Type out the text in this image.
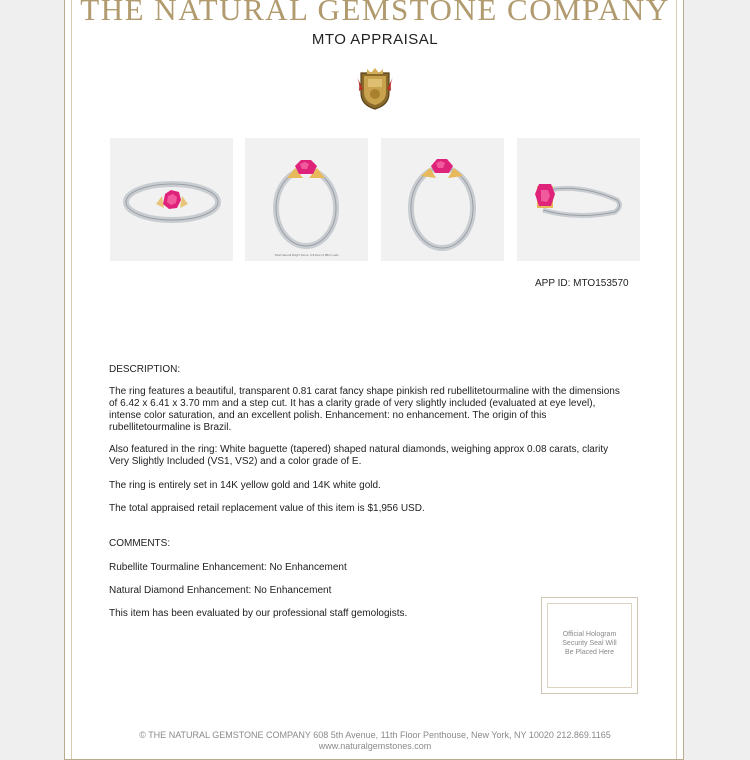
THE NATURAL GEMSTONE COMPANY
MTO APPRAISAL
Total Natural Bright Stone: 0.81ctw (0.88ct) suds
APP ID: MTO153570
DESCRIPTION:
The ring features a beautiful, transparent 0.81 carat fancy shape pinkish red rubellitetourmaline with the dimensions of 6.42 x 6.41 x 3.70 mm and a step cut. It has a clarity grade of very slightly included (evaluated at eye level), intense color saturation, and an excellent polish. Enhancement: no enhancement. The origin of this rubellitetourmaline is Brazil.
Also featured in the ring: White baguette (tapered) shaped natural diamonds, weighing approx 0.08 carats, clarity Very Slightly Included (VS1, VS2) and a color grade of E.
The ring is entirely set in 14K yellow gold and 14K white gold.
The total appraised retail replacement value of this item is $1,956 USD.
COMMENTS:
Rubellite Tourmaline Enhancement: No Enhancement
Natural Diamond Enhancement: No Enhancement
This item has been evaluated by our professional staff gemologists.
Official Hologram
Security Seal Will
Be Placed Here
© THE NATURAL GEMSTONE COMPANY 608 5th Avenue, 11th Floor Penthouse, New York, NY 10020 212.869.1165
www.naturalgemstones.com
